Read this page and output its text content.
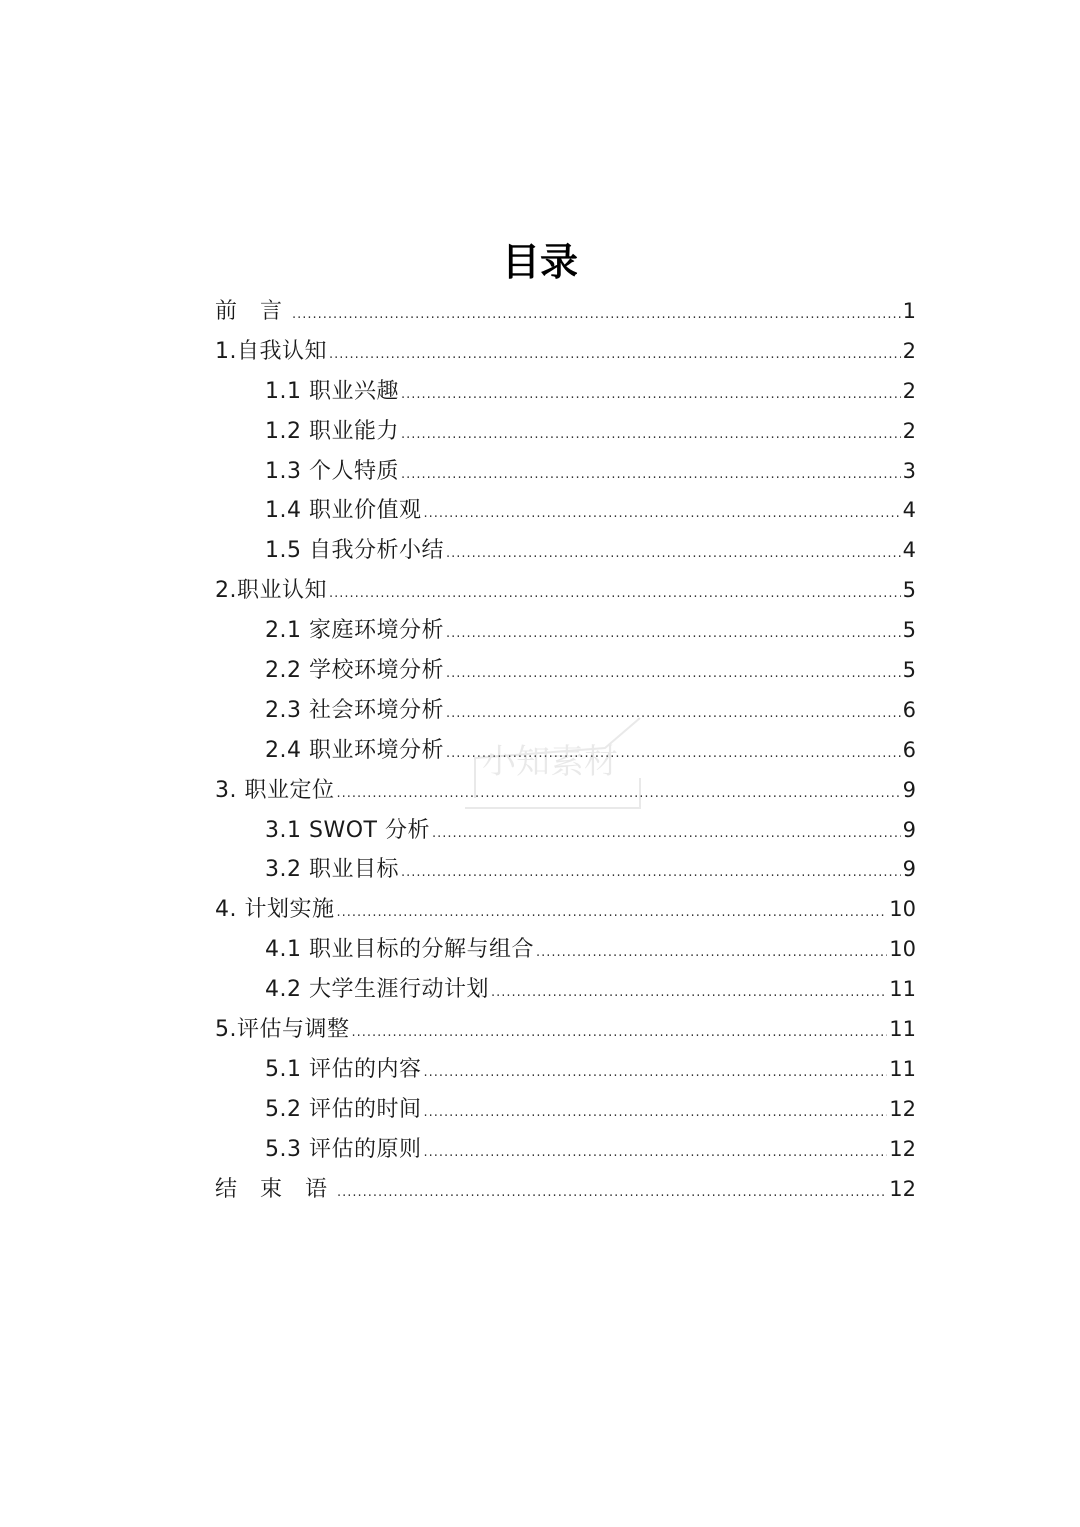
目录
前 言 .....	1
1.自我认知 .....	2
1.1 职业兴趣 .....	2
1.2 职业能力 .....	2
1.3 个人特质 .....	3
1.4 职业价值观 .....	4
1.5 自我分析小结 .....	4
2.职业认知 .....	5
2.1 家庭环境分析 .....	5
2.2 学校环境分析 .....	5
2.3 社会环境分析 .....	6
2.4 职业环境分析 .....	6
3. 职业定位 .....	9
3.1 SWOT 分析 .....	9
3.2 职业目标 .....	9
4. 计划实施 .....	10
4.1 职业目标的分解与组合 .....	10
4.2 大学生涯行动计划 .....	11
5.评估与调整 .....	11
5.1 评估的内容 .....	11
5.2 评估的时间 .....	12
5.3 评估的原则 .....	12
结 束 语 .....	12
小知素材
